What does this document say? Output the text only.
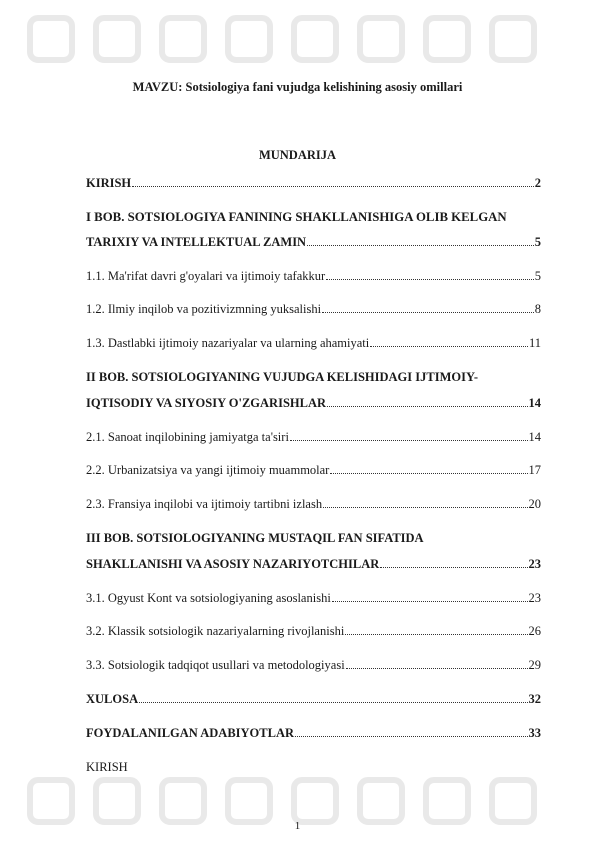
MAVZU: Sotsiologiya fani vujudga kelishining asosiy omillari
MUNDARIJA
KIRISH	2
I BOB. SOTSIOLOGIYA FANINING SHAKLLANISHIGA OLIB KELGAN
TARIXIY VA INTELLEKTUAL ZAMIN	5
1.1. Ma'rifat davri g'oyalari va ijtimoiy tafakkur	5
1.2. Ilmiy inqilob va pozitivizmning yuksalishi	8
1.3. Dastlabki ijtimoiy nazariyalar va ularning ahamiyati	11
II BOB. SOTSIOLOGIYANING VUJUDGA KELISHIDAGI IJTIMOIY-
IQTISODIY VA SIYOSIY O'ZGARISHLAR	14
2.1. Sanoat inqilobining jamiyatga ta'siri	14
2.2. Urbanizatsiya va yangi ijtimoiy muammolar	17
2.3. Fransiya inqilobi va ijtimoiy tartibni izlash	20
III BOB. SOTSIOLOGIYANING MUSTAQIL FAN SIFATIDA
SHAKLLANISHI VA ASOSIY NAZARIYOTCHILAR	23
3.1. Ogyust Kont va sotsiologiyaning asoslanishi	23
3.2. Klassik sotsiologik nazariyalarning rivojlanishi	26
3.3. Sotsiologik tadqiqot usullari va metodologiyasi	29
XULOSA	32
FOYDALANILGAN ADABIYOTLAR	33
KIRISH
1
